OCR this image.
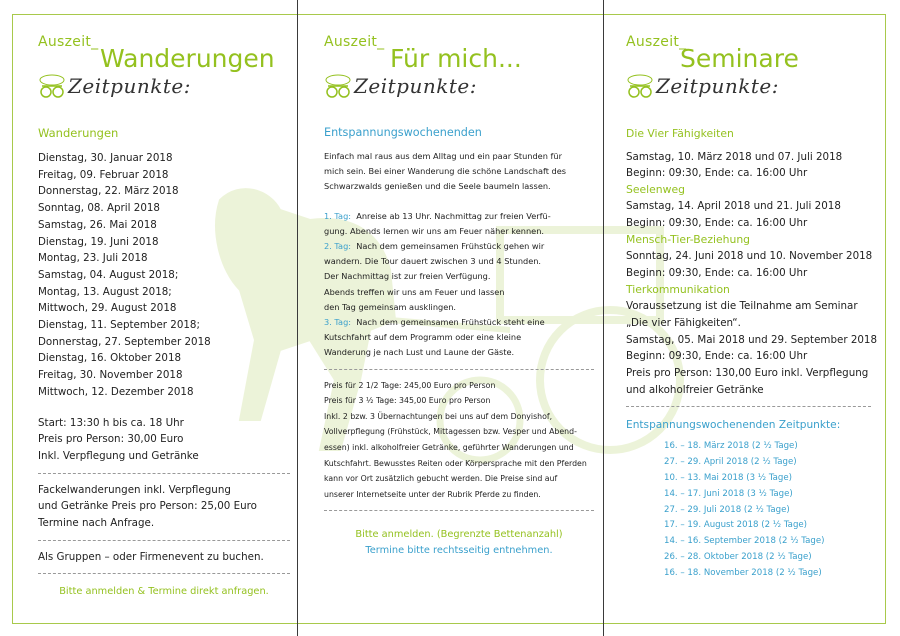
Auszeit_
Wanderungen
Zeitpunkte:
Wanderungen
Dienstag, 30. Januar 2018
Freitag, 09. Februar 2018
Donnerstag, 22. März 2018
Sonntag, 08. April 2018
Samstag, 26. Mai 2018
Dienstag, 19. Juni 2018
Montag, 23. Juli 2018
Samstag, 04. August 2018;
Montag, 13. August 2018;
Mittwoch, 29. August 2018
Dienstag, 11. September 2018;
Donnerstag, 27. September 2018
Dienstag, 16. Oktober 2018
Freitag, 30. November 2018
Mittwoch, 12. Dezember 2018
Start: 13:30 h bis ca. 18 Uhr
Preis pro Person: 30,00 Euro
Inkl. Verpflegung und Getränke
Fackelwanderungen inkl. Verpflegung
und Getränke Preis pro Person: 25,00 Euro
Termine nach Anfrage.
Als Gruppen – oder Firmenevent zu buchen.
Bitte anmelden & Termine direkt anfragen.
Auszeit_
Für mich...
Zeitpunkte:
Entspannungswochenenden
Einfach mal raus aus dem Alltag und ein paar Stunden für
mich sein. Bei einer Wanderung die schöne Landschaft des
Schwarzwalds genießen und die Seele baumeln lassen.
1. Tag: Anreise ab 13 Uhr. Nachmittag zur freien Verfü-
gung. Abends lernen wir uns am Feuer näher kennen.
2. Tag: Nach dem gemeinsamen Frühstück gehen wir
wandern. Die Tour dauert zwischen 3 und 4 Stunden.
Der Nachmittag ist zur freien Verfügung.
Abends treffen wir uns am Feuer und lassen
den Tag gemeinsam ausklingen.
3. Tag: Nach dem gemeinsamen Frühstück steht eine
Kutschfahrt auf dem Programm oder eine kleine
Wanderung je nach Lust und Laune der Gäste.
Preis für 2 1/2 Tage: 245,00 Euro pro Person
Preis für 3 ½ Tage: 345,00 Euro pro Person
Inkl. 2 bzw. 3 Übernachtungen bei uns auf dem Donyishof,
Vollverpflegung (Frühstück, Mittagessen bzw. Vesper und Abend-
essen) inkl. alkoholfreier Getränke, geführter Wanderungen und
Kutschfahrt. Bewusstes Reiten oder Körpersprache mit den Pferden
kann vor Ort zusätzlich gebucht werden. Die Preise sind auf
unserer Internetseite unter der Rubrik Pferde zu finden.
Bitte anmelden. (Begrenzte Bettenanzahl)
Termine bitte rechtsseitig entnehmen.
Auszeit_
Seminare
Zeitpunkte:
Die Vier Fähigkeiten
Samstag, 10. März 2018 und 07. Juli 2018
Beginn: 09:30, Ende: ca. 16:00 Uhr
Seelenweg
Samstag, 14. April 2018 und 21. Juli 2018
Beginn: 09:30, Ende: ca. 16:00 Uhr
Mensch-Tier-Beziehung
Sonntag, 24. Juni 2018 und 10. November 2018
Beginn: 09:30, Ende: ca. 16:00 Uhr
Tierkommunikation
Voraussetzung ist die Teilnahme am Seminar
„Die vier Fähigkeiten“.
Samstag, 05. Mai 2018 und 29. September 2018
Beginn: 09:30, Ende: ca. 16:00 Uhr
Preis pro Person: 130,00 Euro inkl. Verpflegung
und alkoholfreier Getränke
Entspannungswochenenden Zeitpunkte:
16. – 18. März 2018 (2 ½ Tage)
27. – 29. April 2018 (2 ½ Tage)
10. – 13. Mai 2018 (3 ½ Tage)
14. – 17. Juni 2018 (3 ½ Tage)
27. – 29. Juli 2018 (2 ½ Tage)
17. – 19. August 2018 (2 ½ Tage)
14. – 16. September 2018 (2 ½ Tage)
26. – 28. Oktober 2018 (2 ½ Tage)
16. – 18. November 2018 (2 ½ Tage)
